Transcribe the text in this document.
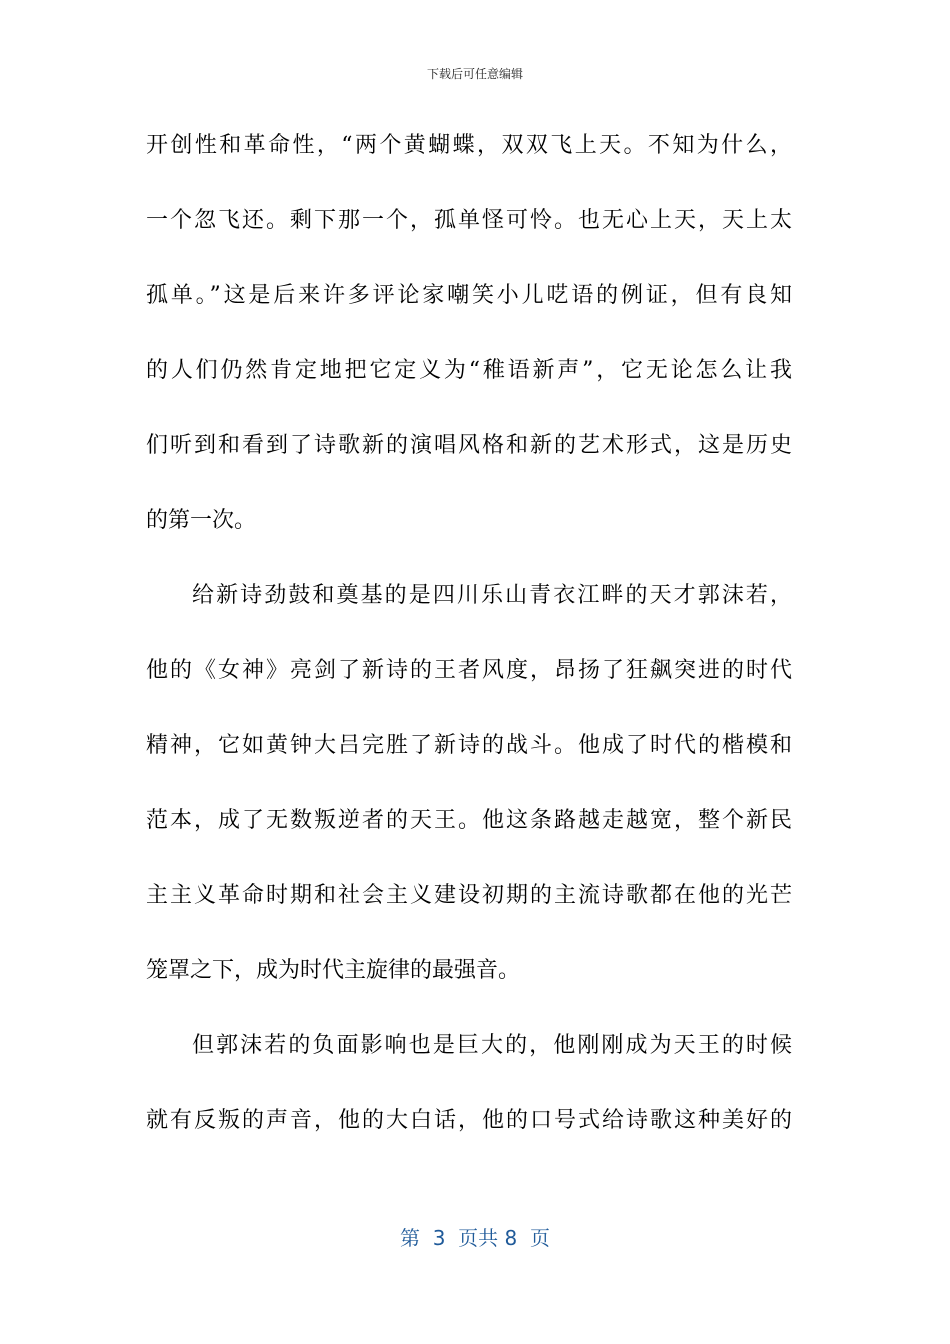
下载后可任意编辑
开创性和革命性，“两个黄蝴蝶，双双飞上天。不知为什么，
一个忽飞还。剩下那一个，孤单怪可怜。也无心上天，天上太
孤单。”这是后来许多评论家嘲笑小儿呓语的例证，但有良知
的人们仍然肯定地把它定义为“稚语新声”，它无论怎么让我
们听到和看到了诗歌新的演唱风格和新的艺术形式，这是历史
的第一次。
给新诗劲鼓和奠基的是四川乐山青衣江畔的天才郭沫若，
他的《女神》亮剑了新诗的王者风度，昂扬了狂飙突进的时代
精神，它如黄钟大吕完胜了新诗的战斗。他成了时代的楷模和
范本，成了无数叛逆者的天王。他这条路越走越宽，整个新民
主主义革命时期和社会主义建设初期的主流诗歌都在他的光芒
笼罩之下，成为时代主旋律的最强音。
但郭沫若的负面影响也是巨大的，他刚刚成为天王的时候
就有反叛的声音，他的大白话，他的口号式给诗歌这种美好的
第  3  页共 8  页
